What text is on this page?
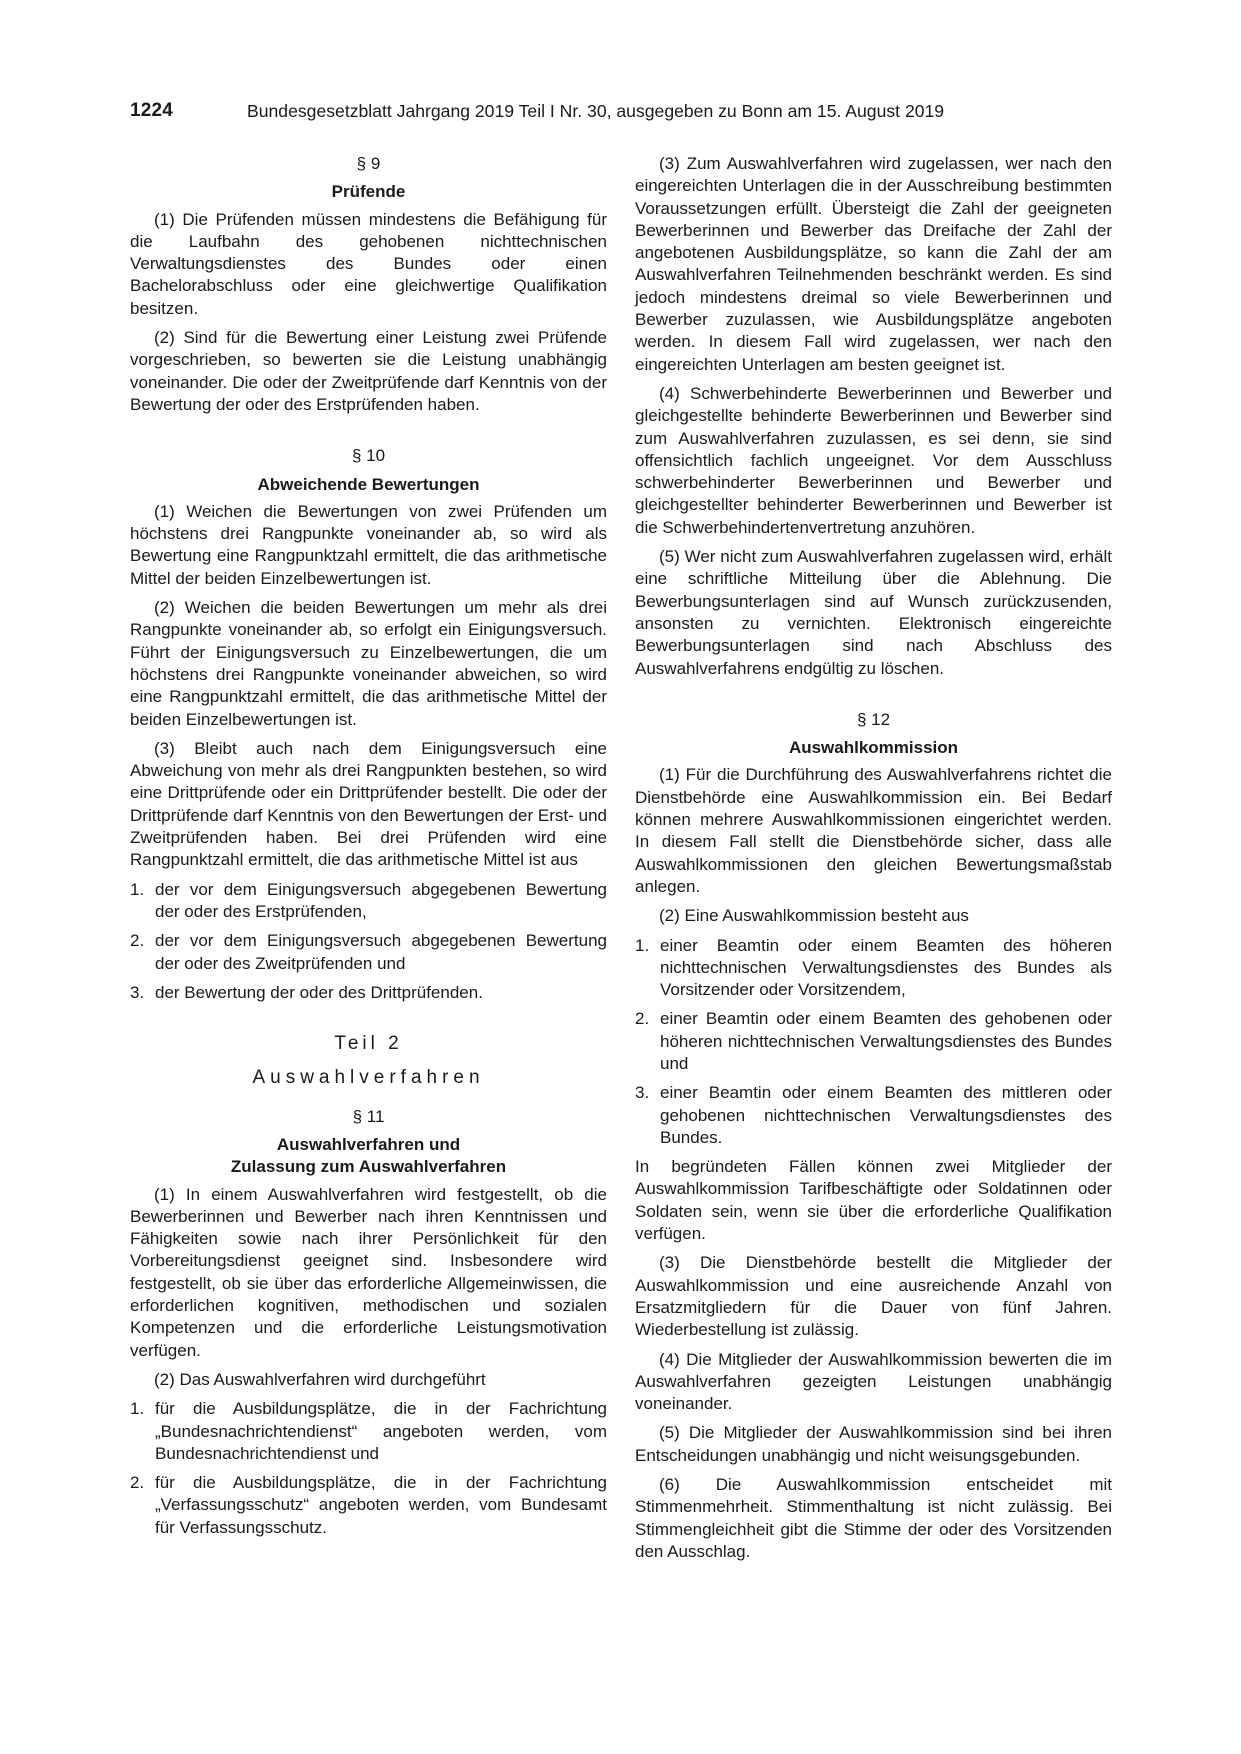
1224	Bundesgesetzblatt Jahrgang 2019 Teil I Nr. 30, ausgegeben zu Bonn am 15. August 2019
§ 9
Prüfende

(1) Die Prüfenden müssen mindestens die Befähigung für die Laufbahn des gehobenen nichttechnischen Verwaltungsdienstes des Bundes oder einen Bachelorabschluss oder eine gleichwertige Qualifikation besitzen.

(2) Sind für die Bewertung einer Leistung zwei Prüfende vorgeschrieben, so bewerten sie die Leistung unabhängig voneinander. Die oder der Zweitprüfende darf Kenntnis von der Bewertung der oder des Erstprüfenden haben.

§ 10
Abweichende Bewertungen

(1) Weichen die Bewertungen von zwei Prüfenden um höchstens drei Rangpunkte voneinander ab, so wird als Bewertung eine Rangpunktzahl ermittelt, die das arithmetische Mittel der beiden Einzelbewertungen ist.

(2) Weichen die beiden Bewertungen um mehr als drei Rangpunkte voneinander ab, so erfolgt ein Einigungsversuch. Führt der Einigungsversuch zu Einzelbewertungen, die um höchstens drei Rangpunkte voneinander abweichen, so wird eine Rangpunktzahl ermittelt, die das arithmetische Mittel der beiden Einzelbewertungen ist.

(3) Bleibt auch nach dem Einigungsversuch eine Abweichung von mehr als drei Rangpunkten bestehen, so wird eine Drittprüfende oder ein Drittprüfender bestellt. Die oder der Drittprüfende darf Kenntnis von den Bewertungen der Erst- und Zweitprüfenden haben. Bei drei Prüfenden wird eine Rangpunktzahl ermittelt, die das arithmetische Mittel ist aus

1. der vor dem Einigungsversuch abgegebenen Bewertung der oder des Erstprüfenden,
2. der vor dem Einigungsversuch abgegebenen Bewertung der oder des Zweitprüfenden und
3. der Bewertung der oder des Drittprüfenden.
Teil 2
Auswahlverfahren
§ 11
Auswahlverfahren und
Zulassung zum Auswahlverfahren

(1) In einem Auswahlverfahren wird festgestellt, ob die Bewerberinnen und Bewerber nach ihren Kenntnissen und Fähigkeiten sowie nach ihrer Persönlichkeit für den Vorbereitungsdienst geeignet sind. Insbesondere wird festgestellt, ob sie über das erforderliche Allgemeinwissen, die erforderlichen kognitiven, methodischen und sozialen Kompetenzen und die erforderliche Leistungsmotivation verfügen.

(2) Das Auswahlverfahren wird durchgeführt

1. für die Ausbildungsplätze, die in der Fachrichtung „Bundesnachrichtendienst“ angeboten werden, vom Bundesnachrichtendienst und
2. für die Ausbildungsplätze, die in der Fachrichtung „Verfassungsschutz“ angeboten werden, vom Bundesamt für Verfassungsschutz.

(3) Zum Auswahlverfahren wird zugelassen, wer nach den eingereichten Unterlagen die in der Ausschreibung bestimmten Voraussetzungen erfüllt. Übersteigt die Zahl der geeigneten Bewerberinnen und Bewerber das Dreifache der Zahl der angebotenen Ausbildungsplätze, so kann die Zahl der am Auswahlverfahren Teilnehmenden beschränkt werden. Es sind jedoch mindestens dreimal so viele Bewerberinnen und Bewerber zuzulassen, wie Ausbildungsplätze angeboten werden. In diesem Fall wird zugelassen, wer nach den eingereichten Unterlagen am besten geeignet ist.

(4) Schwerbehinderte Bewerberinnen und Bewerber und gleichgestellte behinderte Bewerberinnen und Bewerber sind zum Auswahlverfahren zuzulassen, es sei denn, sie sind offensichtlich fachlich ungeeignet. Vor dem Ausschluss schwerbehinderter Bewerberinnen und Bewerber und gleichgestellter behinderter Bewerberinnen und Bewerber ist die Schwerbehindertenvertretung anzuhören.

(5) Wer nicht zum Auswahlverfahren zugelassen wird, erhält eine schriftliche Mitteilung über die Ablehnung. Die Bewerbungsunterlagen sind auf Wunsch zurückzusenden, ansonsten zu vernichten. Elektronisch eingereichte Bewerbungsunterlagen sind nach Abschluss des Auswahlverfahrens endgültig zu löschen.

§ 12
Auswahlkommission

(1) Für die Durchführung des Auswahlverfahrens richtet die Dienstbehörde eine Auswahlkommission ein. Bei Bedarf können mehrere Auswahlkommissionen eingerichtet werden. In diesem Fall stellt die Dienstbehörde sicher, dass alle Auswahlkommissionen den gleichen Bewertungsmaßstab anlegen.

(2) Eine Auswahlkommission besteht aus

1. einer Beamtin oder einem Beamten des höheren nichttechnischen Verwaltungsdienstes des Bundes als Vorsitzender oder Vorsitzendem,
2. einer Beamtin oder einem Beamten des gehobenen oder höheren nichttechnischen Verwaltungsdienstes des Bundes und
3. einer Beamtin oder einem Beamten des mittleren oder gehobenen nichttechnischen Verwaltungsdienstes des Bundes.

In begründeten Fällen können zwei Mitglieder der Auswahlkommission Tarifbeschäftigte oder Soldatinnen oder Soldaten sein, wenn sie über die erforderliche Qualifikation verfügen.

(3) Die Dienstbehörde bestellt die Mitglieder der Auswahlkommission und eine ausreichende Anzahl von Ersatzmitgliedern für die Dauer von fünf Jahren. Wiederbestellung ist zulässig.

(4) Die Mitglieder der Auswahlkommission bewerten die im Auswahlverfahren gezeigten Leistungen unabhängig voneinander.

(5) Die Mitglieder der Auswahlkommission sind bei ihren Entscheidungen unabhängig und nicht weisungsgebunden.

(6) Die Auswahlkommission entscheidet mit Stimmenmehrheit. Stimmenthaltung ist nicht zulässig. Bei Stimmengleichheit gibt die Stimme der oder des Vorsitzenden den Ausschlag.
